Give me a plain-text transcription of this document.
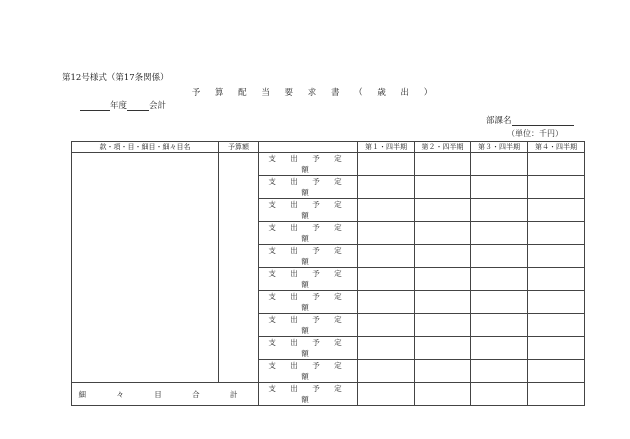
第12号様式（第17条関係）
予 算 配 当 要 求 書 （ 歳 出 ）
年度	会計
部課名
（単位：千円）
款・項・目・細目・細々目名	予算額		第１・四半期	第２・四半期	第３・四半期	第４・四半期
		支 出 予 定 額				
		支 出 予 定 額				
		支 出 予 定 額				
		支 出 予 定 額				
		支 出 予 定 額				
		支 出 予 定 額				
		支 出 予 定 額				
		支 出 予 定 額				
		支 出 予 定 額				
		支 出 予 定 額				
細 々 目 合 計		支 出 予 定 額				
